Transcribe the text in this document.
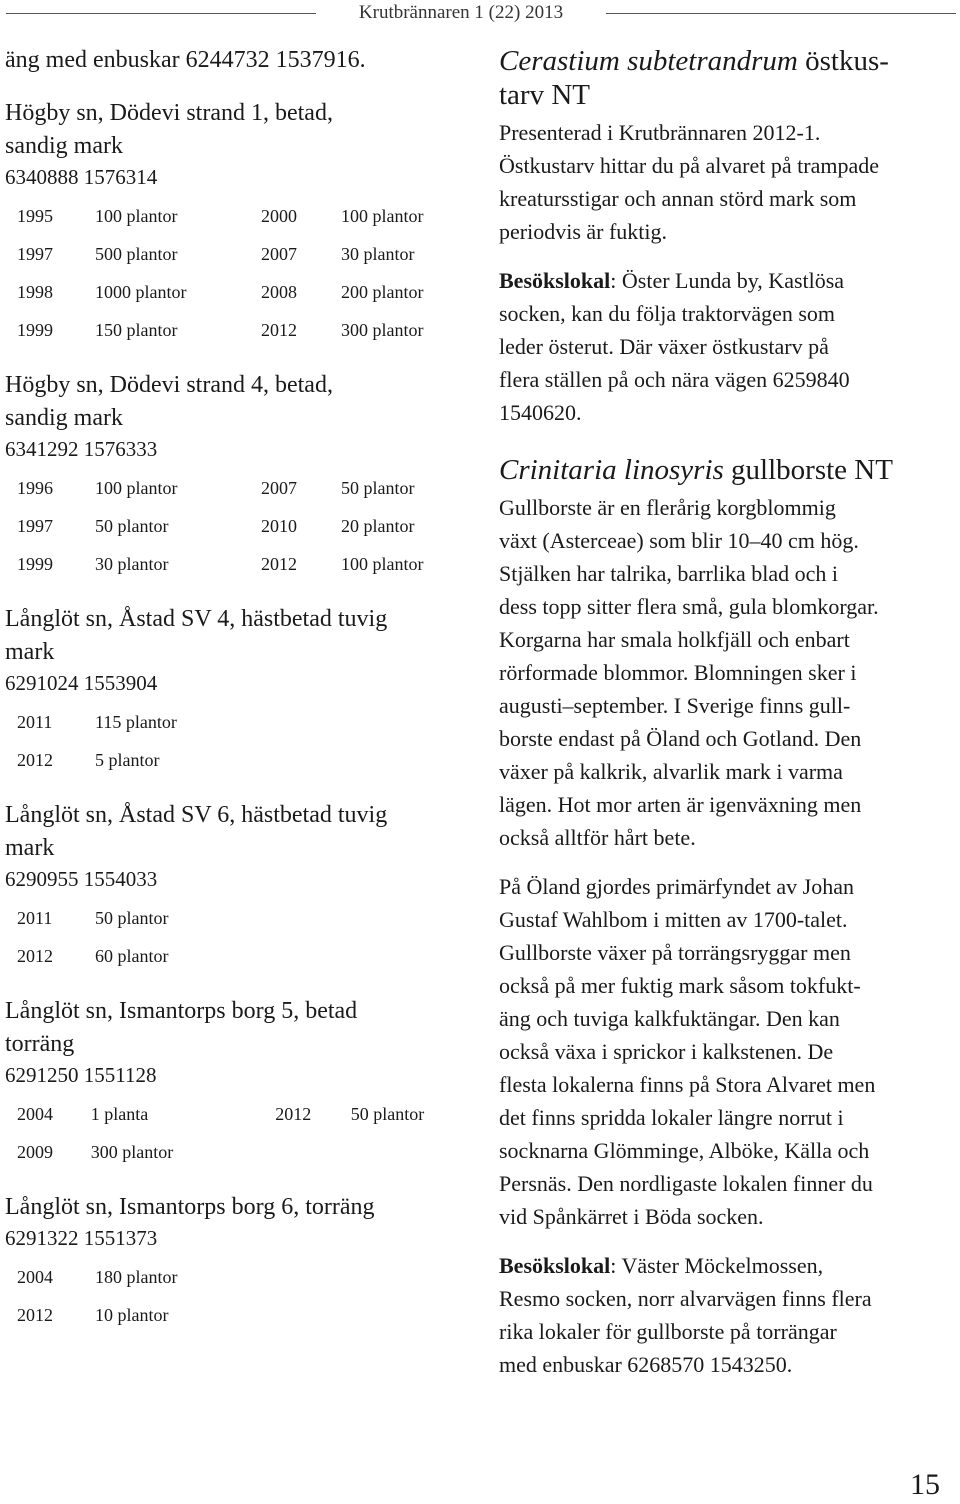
Krutbrännaren 1 (22) 2013
äng med enbuskar 6244732 1537916.
Högby sn, Dödevi strand 1, betad,
sandig mark
6340888 1576314
1995	100 plantor	2000	100 plantor
1997	500 plantor	2007	30 plantor
1998	1000 plantor	2008	200 plantor
1999	150 plantor	2012	300 plantor
Högby sn, Dödevi strand 4, betad,
sandig mark
6341292 1576333
1996	100 plantor	2007	50 plantor
1997	50 plantor	2010	20 plantor
1999	30 plantor	2012	100 plantor
Långlöt sn, Åstad SV 4, hästbetad tuvig
mark
6291024 1553904
2011	115 plantor		
2012	5 plantor		
Långlöt sn, Åstad SV 6, hästbetad tuvig
mark
6290955 1554033
2011	50 plantor		
2012	60 plantor		
Långlöt sn, Ismantorps borg 5, betad
torräng
6291250 1551128
2004	1 planta	2012	50 plantor
2009	300 plantor		
Långlöt sn, Ismantorps borg 6, torräng
6291322 1551373
2004	180 plantor		
2012	10 plantor		
Cerastium subtetrandrum östkus-
tarv NT
Presenterad i Krutbrännaren 2012-1.
Östkustarv hittar du på alvaret på trampade
kreatursstigar och annan störd mark som
periodvis är fuktig.
Besökslokal: Öster Lunda by, Kastlösa
socken, kan du följa traktorvägen som
leder österut. Där växer östkustarv på
flera ställen på och nära vägen 6259840
1540620.
Crinitaria linosyris gullborste NT
Gullborste är en flerårig korgblommig
växt (Asterceae) som blir 10–40 cm hög.
Stjälken har talrika, barrlika blad och i
dess topp sitter flera små, gula blomkorgar.
Korgarna har smala holkfjäll och enbart
rörformade blommor. Blomningen sker i
augusti–september. I Sverige finns gull-
borste endast på Öland och Gotland. Den
växer på kalkrik, alvarlik mark i varma
lägen. Hot mor arten är igenväxning men
också alltför hårt bete.
På Öland gjordes primärfyndet av Johan
Gustaf Wahlbom i mitten av 1700-talet.
Gullborste växer på torrängsryggar men
också på mer fuktig mark såsom tokfukt-
äng och tuviga kalkfuktängar. Den kan
också växa i sprickor i kalkstenen. De
flesta lokalerna finns på Stora Alvaret men
det finns spridda lokaler längre norrut i
socknarna Glömminge, Alböke, Källa och
Persnäs. Den nordligaste lokalen finner du
vid Spånkärret i Böda socken.
Besökslokal: Väster Möckelmossen,
Resmo socken, norr alvarvägen finns flera
rika lokaler för gullborste på torrängar
med enbuskar 6268570 1543250.
15
